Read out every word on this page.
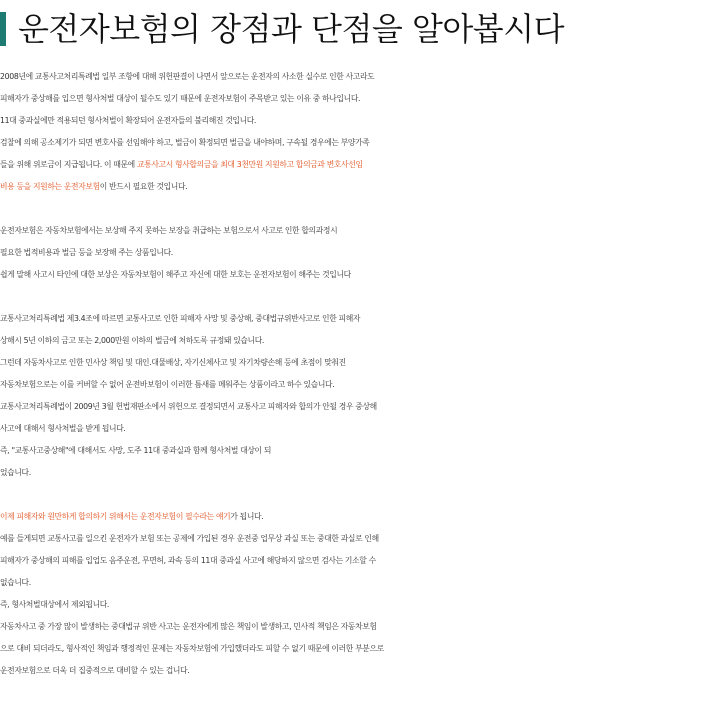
운전자보험의 장점과 단점을 알아봅시다
2008년에 교통사고처리특례법 일부 조항에 대해 위헌판결이 나면서 앞으로는 운전자의 사소한 실수로 인한 사고라도
피해자가 중상해를 입으면 형사처벌 대상이 될수도 있기 때문에 운전자보험이 주목받고 있는 이유 중 하나입니다.
11대 중과실에만 적용되던 형사처벌이 확장되어 운전자들의 불리해진 것입니다.
검찰에 의해 공소제기가 되면 변호사를 선임해야 하고, 벌금이 확정되면 벌금을 내야하며, 구속될 경우에는 부양가족
들을 위해 위로금이 지급됩니다. 이 때문에 교통사고시 형사합의금을 최대 3천만원 지원하고 합의금과 변호사선임
비용 등을 지원하는 운전자보험이 반드시 필요한 것입니다.
운전자보험은 자동차보험에서는 보상해 주지 못하는 보장을 취급하는 보험으로서 사고로 인한 합의과정시
필요한 법적비용과 벌금 등을 보장해 주는 상품입니다.
쉽게 말해 사고시 타인에 대한 보상은 자동차보험이 해주고 자신에 대한 보호는 운전자보험이 해주는 것입니다
교통사고처리특례법 제3.4조에 따르면 교통사고로 인한 피해자 사망 및 중상해, 중대법규위반사고로 인한 피해자
상해시 5년 이하의 금고 또는 2,000만원 이하의 벌금에 처하도록 규정돼 있습니다.
그런데 자동차사고로 인한 민사상 책임 및 대인.대물배상, 자기신체사고 및 자기차량손해 등에 초점이 맞춰진
자동차보험으로는 이를 커버할 수 없어 운전바보험이 이러한 틈새를 메워주는 상품이라고 하수 있습니다.
교통사고처리특례법이 2009년 3월 헌법재판소에서 위헌으로 결정되면서 교통사고 피해자와 합의가 안될 경우 중상해
사고에 대해서 형사처벌을 받게 됩니다.
즉, "교통사고중상해"에 대해서도 사망, 도주 11대 중과실과 함께 형사처벌 대상이 되
었습니다.
이제 피해자와 원만하게 합의하기 위해서는 운전자보험이 필수라는 얘기가 됩니다.
예를 들게되면 교통사고를 일으킨 운전자가 보험 또는 공제에 가입된 경우 운전중 업무상 과실 또는 중대한 과실로 인해
피해자가 중상해의 피해를 입업도 음주운전, 무면허, 과속 등의 11대 중과실 사고에 해당하지 않으면 검사는 기소할 수
없습니다.
즉, 형사처벌대상에서 제외됩니다.
자동차사고 중 가장 많이 발생하는 중대법규 위반 사고는 운전자에게 많은 책임이 발생하고, 민사적 책임은 자동차보험
으로 대비 되더라도, 형사적인 책임과 행정적인 문제는 자동차보험에 가입했더라도 피할 수 없기 때문에 이러한 부분으로
운전자보험으로 더욱 더 집중적으로 대비할 수 있는 겁니다.
